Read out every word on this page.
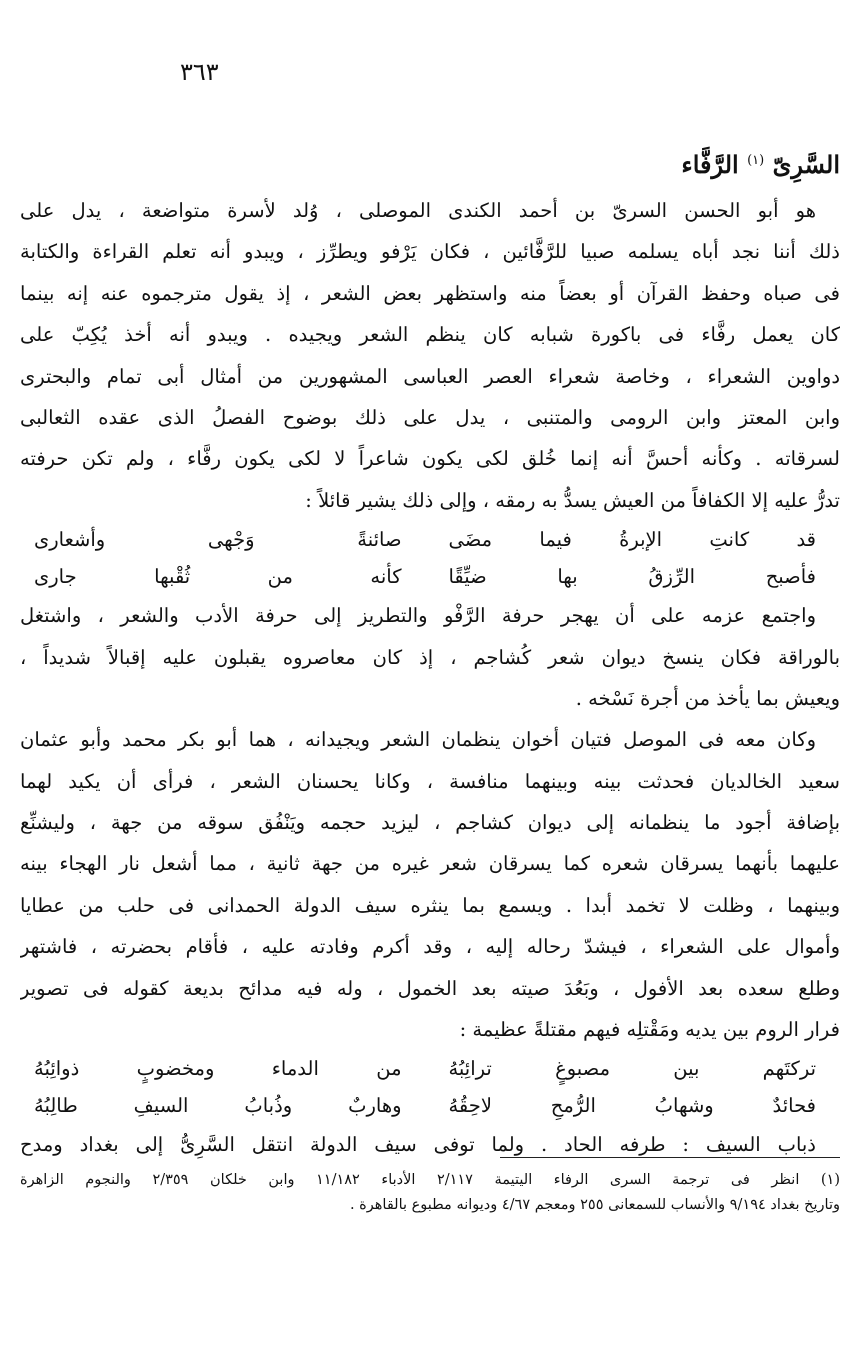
٣٦٣
السَّرِىّ $^{(١)}$ الرَّفَّاء
هو أبو الحسن السرىّ بن أحمد الكندى الموصلى ، وُلد لأسرة متواضعة ، يدل على
ذلك أننا نجد أباه يسلمه صبيا للرَّفَّائين ، فكان يَرْفو ويطرِّز ، ويبدو أنه تعلم القراءة والكتابة
فى صباه وحفظ القرآن أو بعضاً منه واستظهر بعض الشعر ، إذ يقول مترجموه عنه إنه بينما
كان يعمل رفَّاء فى باكورة شبابه كان ينظم الشعر ويجيده . ويبدو أنه أخذ يُكِبّ على
دواوين الشعراء ، وخاصة شعراء العصر العباسى المشهورين من أمثال أبى تمام والبحترى
وابن المعتز وابن الرومى والمتنبى ، يدل على ذلك بوضوح الفصلُ الذى عقده الثعالبى
لسرقاته . وكأنه أحسَّ أنه إنما خُلق لكى يكون شاعراً لا لكى يكون رفَّاء ، ولم تكن حرفته
تدرُّ عليه إلا الكفافاً من العيش يسدُّ به رمقه ، وإلى ذلك يشير قائلاً :
قد كانتِ الإبرةُ فيما مضَى
صائنةً وَجْهى وأشعارى
فأصبح الرِّزقُ بها ضيِّقًا
كأنه من ثُقْبها جارى
واجتمع عزمه على أن يهجر حرفة الرَّفْو والتطريز إلى حرفة الأدب والشعر ، واشتغل
بالوراقة فكان ينسخ ديوان شعر كُشاجم ، إذ كان معاصروه يقبلون عليه إقبالاً شديداً ،
ويعيش بما يأخذ من أجرة نَسْخه .
وكان معه فى الموصل فتيان أخوان ينظمان الشعر ويجيدانه ، هما أبو بكر محمد وأبو عثمان
سعيد الخالديان فحدثت بينه وبينهما منافسة ، وكانا يحسنان الشعر ، فرأى أن يكيد لهما
بإضافة أجود ما ينظمانه إلى ديوان كشاجم ، ليزيد حجمه ويَنْفُق سوقه من جهة ، وليشنِّع
عليهما بأنهما يسرقان شعره كما يسرقان شعر غيره من جهة ثانية ، مما أشعل نار الهجاء بينه
وبينهما ، وظلت لا تخمد أبدا . ويسمع بما ينثره سيف الدولة الحمدانى فى حلب من عطايا
وأموال على الشعراء ، فيشدّ رحاله إليه ، وقد أكرم وفادته عليه ، فأقام بحضرته ، فاشتهر
وطلع سعده بعد الأفول ، وبَعُدَ صيته بعد الخمول ، وله فيه مدائح بديعة كقوله فى تصوير
فرار الروم بين يديه ومَقْتلِه فيهم مقتلةً عظيمة :
تركتَهم بين مصبوغٍ ترائِبُهُ
من الدماء ومخضوبٍ ذوائِبُهُ
فحائدٌ وشهابُ الرُّمحِ لاحِقُهُ
وهاربٌ وذُبابُ السيفِ طالِبُهُ
ذباب السيف : طرفه الحاد . ولما توفى سيف الدولة انتقل السَّرِىُّ إلى بغداد ومدح
(١) انظر فى ترجمة السرى الرفاء اليتيمة ٢/١١٧ الأدباء ١١/١٨٢ وابن خلكان ٢/٣٥٩ والنجوم الزاهرة
وتاريخ بغداد ٩/١٩٤ والأنساب للسمعانى ٢٥٥ ومعجم ٤/٦٧ وديوانه مطبوع بالقاهرة .
